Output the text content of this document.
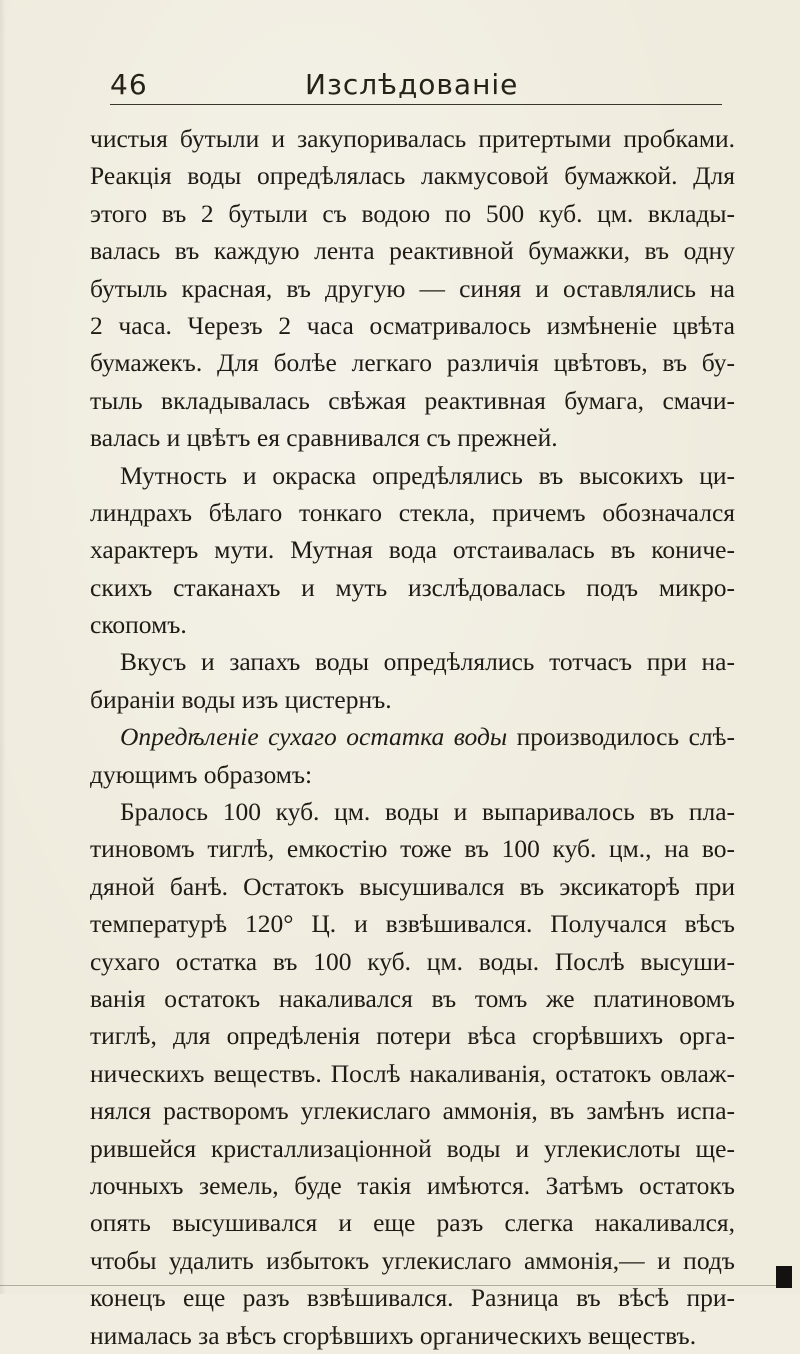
46	Изслѣдованіе
чистыя бутыли и закупоривалась притертыми пробками.
Реакція воды опредѣлялась лакмусовой бумажкой. Для
этого въ 2 бутыли съ водою по 500 куб. цм. вклады-
валась въ каждую лента реактивной бумажки, въ одну
бутыль красная, въ другую — синяя и оставлялись на
2 часа. Черезъ 2 часа осматривалось измѣненіе цвѣта
бумажекъ. Для болѣе легкаго различія цвѣтовъ, въ бу-
тыль вкладывалась свѣжая реактивная бумага, смачи-
валась и цвѣтъ ея сравнивался съ прежней.
Мутность и окраска опредѣлялись въ высокихъ ци-
линдрахъ бѣлаго тонкаго стекла, причемъ обозначался
характеръ мути. Мутная вода отстаивалась въ кониче-
скихъ стаканахъ и муть изслѣдовалась подъ микро-
скопомъ.
Вкусъ и запахъ воды опредѣлялись тотчасъ при на-
бираніи воды изъ цистернъ.
Опредѣленіе сухаго остатка воды производилось слѣ-
дующимъ образомъ:
Бралось 100 куб. цм. воды и выпаривалось въ пла-
тиновомъ тиглѣ, емкостію тоже въ 100 куб. цм., на во-
дяной банѣ. Остатокъ высушивался въ эксикаторѣ при
температурѣ 120° Ц. и взвѣшивался. Получался вѣсъ
сухаго остатка въ 100 куб. цм. воды. Послѣ высуши-
ванія остатокъ накаливался въ томъ же платиновомъ
тиглѣ, для опредѣленія потери вѣса сгорѣвшихъ орга-
ническихъ веществъ. Послѣ накаливанія, остатокъ овлаж-
нялся растворомъ углекислаго аммонія, въ замѣнъ испа-
рившейся кристаллизаціонной воды и углекислоты ще-
лочныхъ земель, буде такія имѣются. Затѣмъ остатокъ
опять высушивался и еще разъ слегка накаливался,
чтобы удалить избытокъ углекислаго аммонія,— и подъ
конецъ еще разъ взвѣшивался. Разница въ вѣсѣ при-
нималась за вѣсъ сгорѣвшихъ органическихъ веществъ.
